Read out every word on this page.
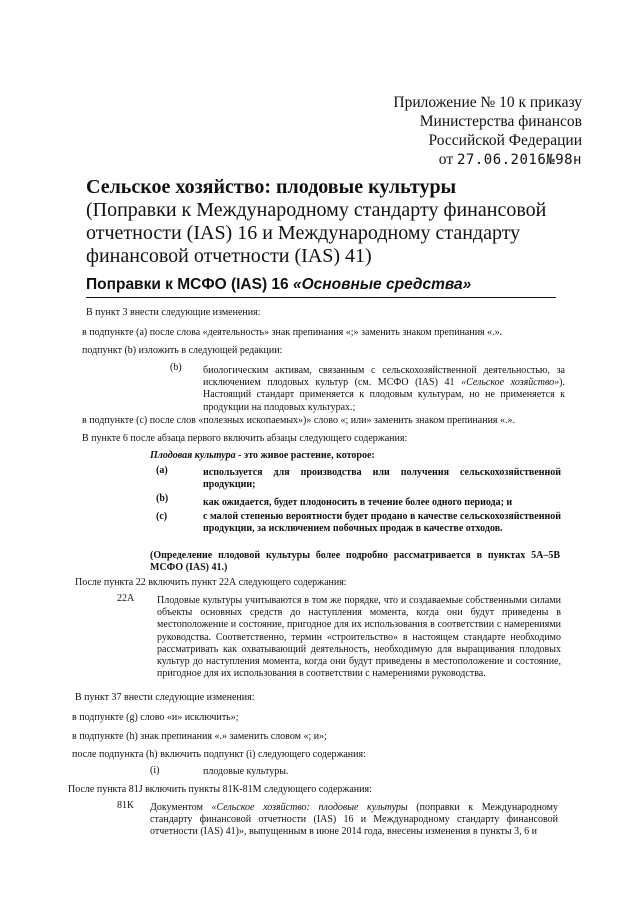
Приложение № 10 к приказу
Министерства финансов
Российской Федерации
от 27.06.2016№98н
Сельское хозяйство: плодовые культуры
(Поправки к Международному стандарту финансовой
отчетности (IAS) 16 и Международному стандарту
финансовой отчетности (IAS) 41)
Поправки к МСФО (IAS) 16 «Основные средства»
В пункт 3 внести следующие изменения:
в подпункте (a) после слова «деятельность» знак препинания «;» заменить знаком препинания «.».
подпункт (b) изложить в следующей редакции:
(b) биологическим активам, связанным с сельскохозяйственной деятельностью, за исключением плодовых культур (см. МСФО (IAS) 41 «Сельское хозяйство»). Настоящий стандарт применяется к плодовым культурам, но не применяется к продукции на плодовых культурах.;
в подпункте (c) после слов «полезных ископаемых»)» слово «; или» заменить знаком препинания «.».
В пункте 6 после абзаца первого включить абзацы следующего содержания:
Плодовая культура - это живое растение, которое:
(a)	используется для производства или получения сельскохозяйственной продукции;
(b)	как ожидается, будет плодоносить в течение более одного периода; и
(c)	с малой степенью вероятности будет продано в качестве сельскохозяйственной продукции, за исключением побочных продаж в качестве отходов.
(Определение плодовой культуры более подробно рассматривается в пунктах 5А–5В МСФО (IAS) 41.)
После пункта 22 включить пункт 22А следующего содержания:
22А Плодовые культуры учитываются в том же порядке, что и создаваемые собственными силами объекты основных средств до наступления момента, когда они будут приведены в местоположение и состояние, пригодное для их использования в соответствии с намерениями руководства. Соответственно, термин «строительство» в настоящем стандарте необходимо рассматривать как охватывающий деятельность, необходимую для выращивания плодовых культур до наступления момента, когда они будут приведены в местоположение и состояние, пригодное для их использования в соответствии с намерениями руководства.
В пункт 37 внести следующие изменения:
в подпункте (g) слово «и» исключить»;
в подпункте (h) знак препинания «.» заменить словом «; и»;
после подпункта (h) включить подпункт (i) следующего содержания:
(i)	плодовые культуры.
После пункта 81J включить пункты 81К-81М следующего содержания:
81К Документом «Сельское хозяйство: плодовые культуры (поправки к Международному стандарту финансовой отчетности (IAS) 16 и Международному стандарту финансовой отчетности (IAS) 41)», выпущенным в июне 2014 года, внесены изменения в пункты 3, 6 и
